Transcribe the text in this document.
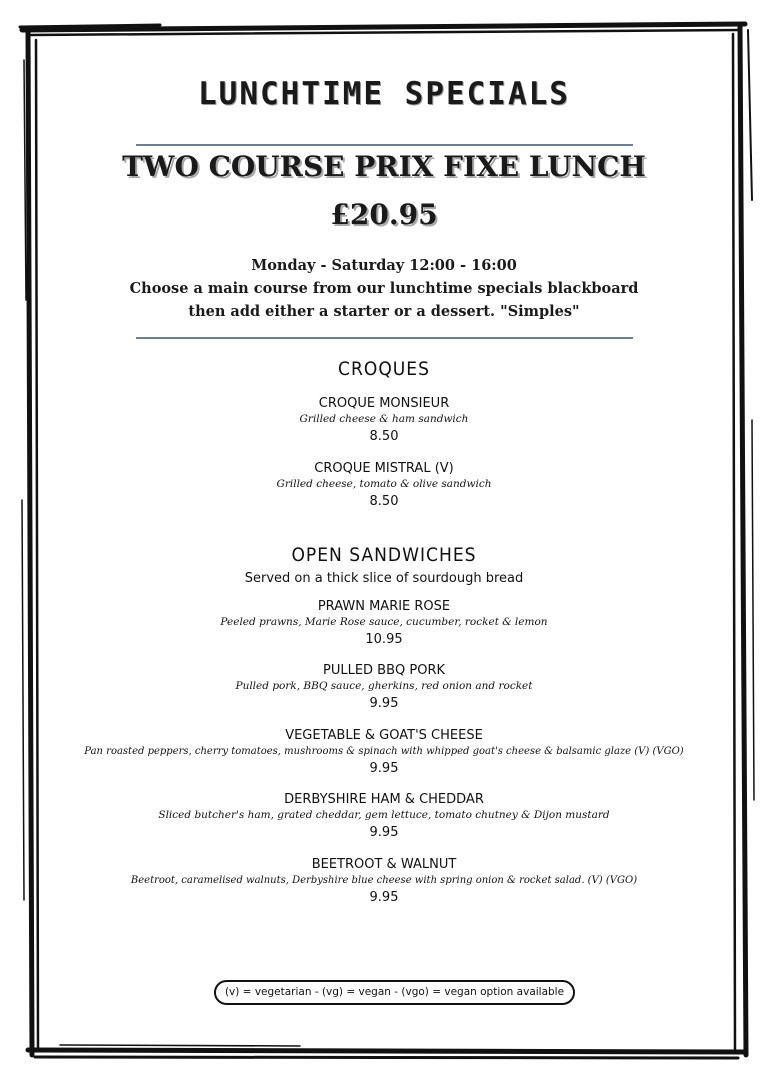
LUNCHTIME SPECIALS
TWO COURSE PRIX FIXE LUNCH
£20.95
Monday - Saturday 12:00 - 16:00
Choose a main course from our lunchtime specials blackboard
then add either a starter or a dessert. "Simples"
CROQUES
CROQUE MONSIEUR
Grilled cheese & ham sandwich
8.50
CROQUE MISTRAL (V)
Grilled cheese, tomato & olive sandwich
8.50
OPEN SANDWICHES
Served on a thick slice of sourdough bread
PRAWN MARIE ROSE
Peeled prawns, Marie Rose sauce, cucumber, rocket & lemon
10.95
PULLED BBQ PORK
Pulled pork, BBQ sauce, gherkins, red onion and rocket
9.95
VEGETABLE & GOAT'S CHEESE
Pan roasted peppers, cherry tomatoes, mushrooms & spinach with whipped goat's cheese & balsamic glaze (V) (VGO)
9.95
DERBYSHIRE HAM & CHEDDAR
Sliced butcher's ham, grated cheddar, gem lettuce, tomato chutney & Dijon mustard
9.95
BEETROOT & WALNUT
Beetroot, caramelised walnuts, Derbyshire blue cheese with spring onion & rocket salad. (V) (VGO)
9.95
(v) = vegetarian - (vg) = vegan - (vgo) = vegan option available
